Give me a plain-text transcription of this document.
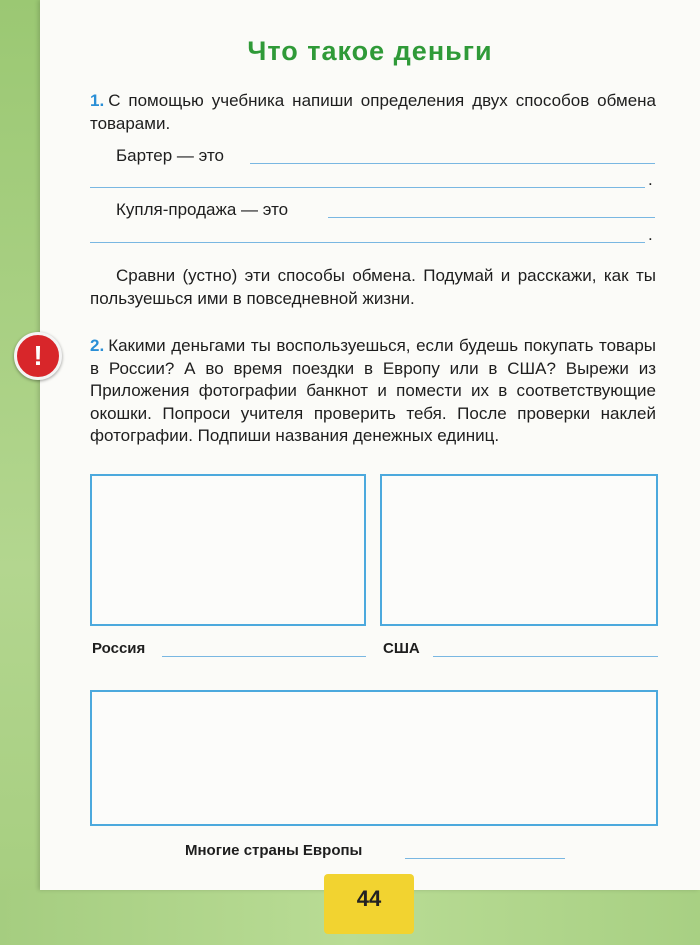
Что такое деньги
1. С помощью учебника напиши определения двух способов обмена товарами.
Бартер — это
.
Купля-продажа — это
.
Сравни (устно) эти способы обмена. Подумай и расскажи, как ты пользуешься ими в повседневной жизни.
!	2. Какими деньгами ты воспользуешься, если будешь покупать товары в России? А во время поездки в Европу или в США? Вырежи из Приложения фотографии банкнот и помести их в соответствующие окошки. Попроси учителя проверить тебя. После проверки наклей фотографии. Подпиши названия денежных единиц.
Россия	США
Многие страны Европы
44
